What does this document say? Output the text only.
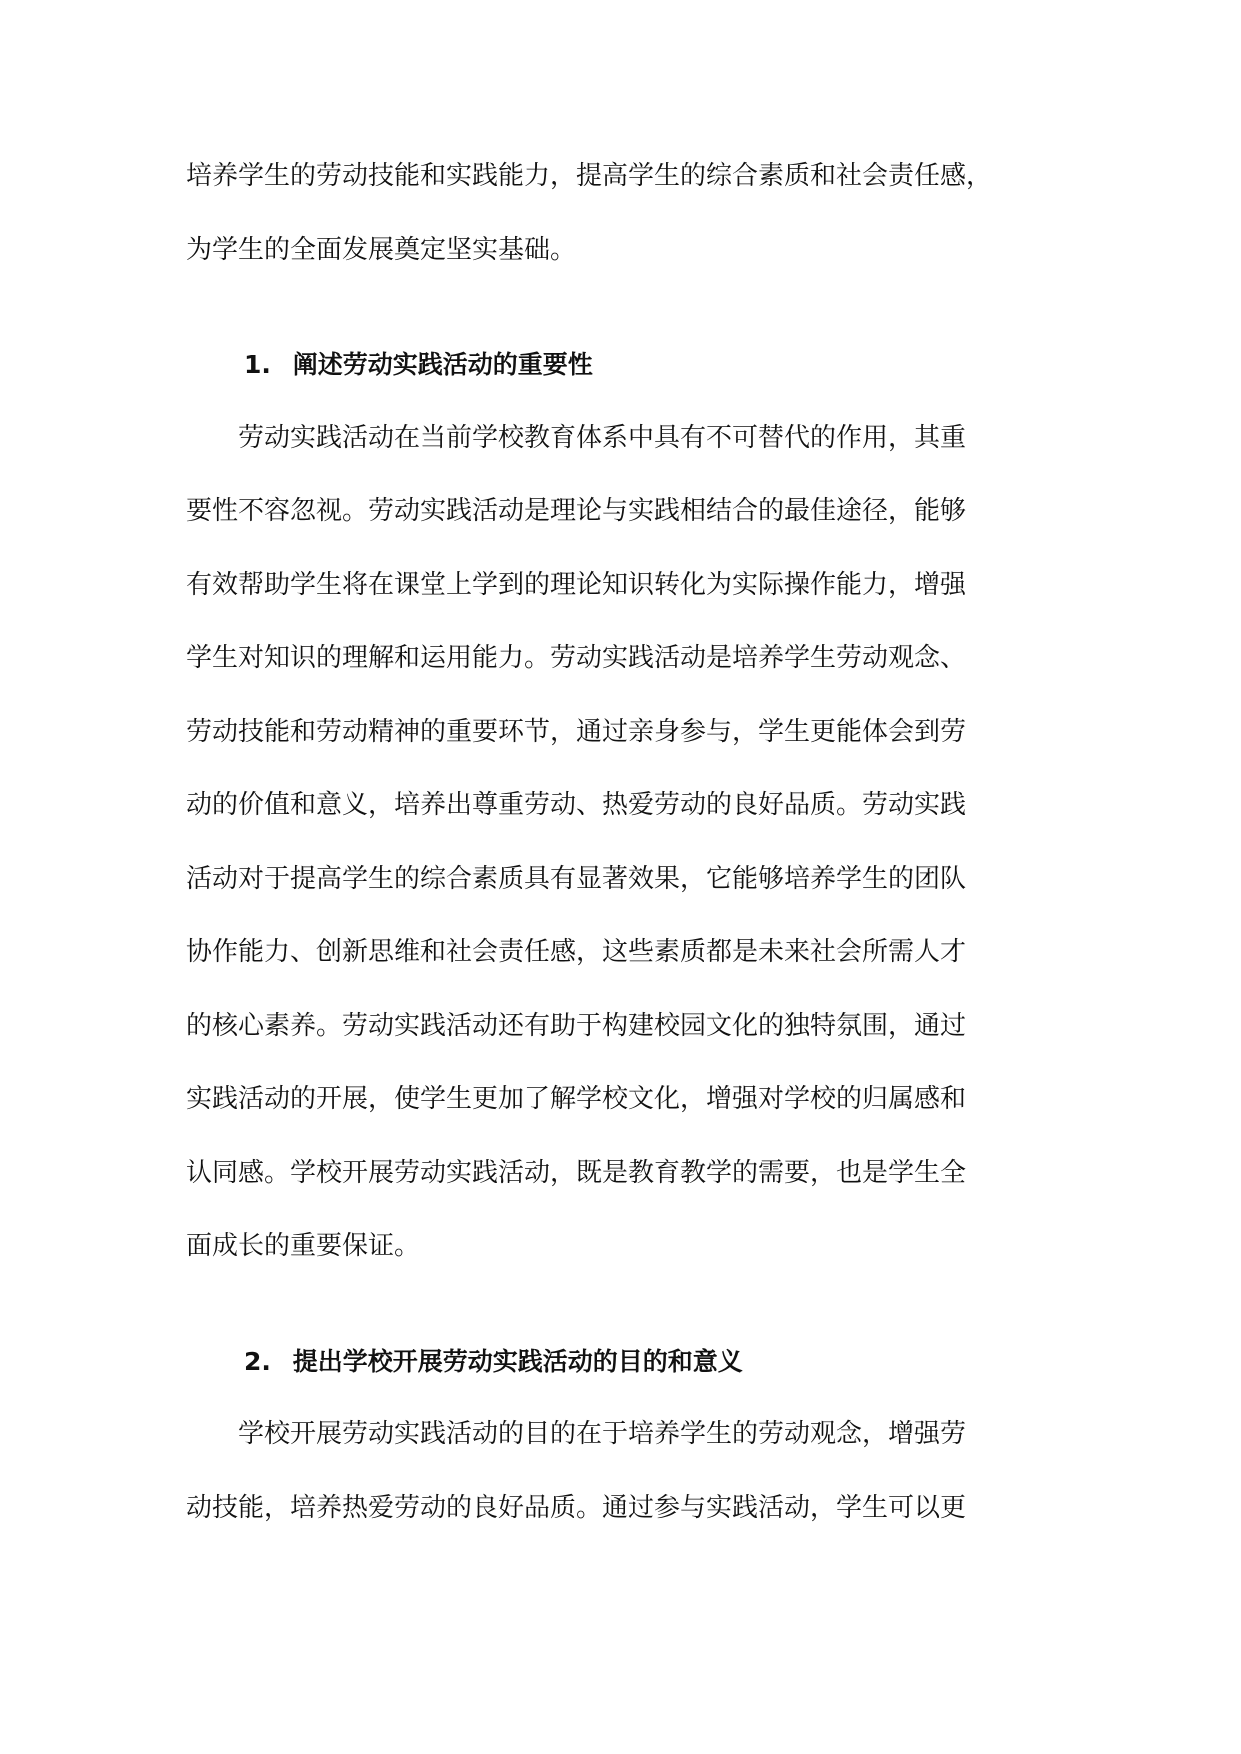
培养学生的劳动技能和实践能力，提高学生的综合素质和社会责任感，
为学生的全面发展奠定坚实基础。
1. 阐述劳动实践活动的重要性
　　劳动实践活动在当前学校教育体系中具有不可替代的作用，其重
要性不容忽视。劳动实践活动是理论与实践相结合的最佳途径，能够
有效帮助学生将在课堂上学到的理论知识转化为实际操作能力，增强
学生对知识的理解和运用能力。劳动实践活动是培养学生劳动观念、
劳动技能和劳动精神的重要环节，通过亲身参与，学生更能体会到劳
动的价值和意义，培养出尊重劳动、热爱劳动的良好品质。劳动实践
活动对于提高学生的综合素质具有显著效果，它能够培养学生的团队
协作能力、创新思维和社会责任感，这些素质都是未来社会所需人才
的核心素养。劳动实践活动还有助于构建校园文化的独特氛围，通过
实践活动的开展，使学生更加了解学校文化，增强对学校的归属感和
认同感。学校开展劳动实践活动，既是教育教学的需要，也是学生全
面成长的重要保证。
2. 提出学校开展劳动实践活动的目的和意义
　　学校开展劳动实践活动的目的在于培养学生的劳动观念，增强劳
动技能，培养热爱劳动的良好品质。通过参与实践活动，学生可以更
